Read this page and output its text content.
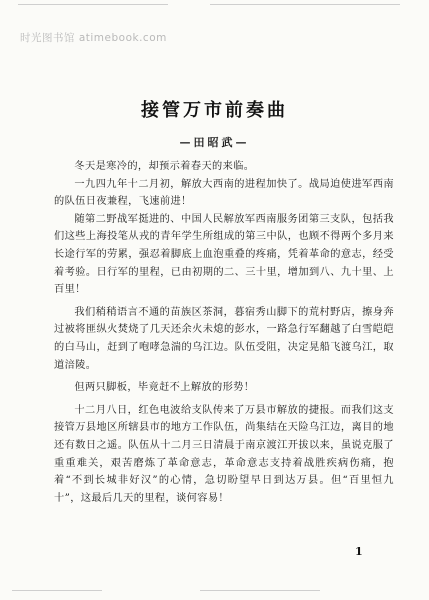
时光图书馆 atimebook.com
接管万市前奏曲
—田昭武—

冬天是寒冷的，却预示着春天的来临。

一九四九年十二月初，解放大西南的进程加快了。战局迫使进军西南的队伍日夜兼程，飞速前进！

随第二野战军挺进的、中国人民解放军西南服务团第三支队，包括我们这些上海投笔从戎的青年学生所组成的第三中队，也顾不得两个多月来长途行军的劳累，强忍着脚底上血泡重叠的疼痛，凭着革命的意志，经受着考验。日行军的里程，已由初期的二、三十里，增加到八、九十里、上百里！

我们稍稍语言不通的苗族区茶洞，暮宿秀山脚下的荒村野店，擦身奔过被将匪纵火焚烧了几天还余火未熄的彭水，一路急行军翻越了白雪皑皑的白马山，赶到了咆哮急湍的乌江边。队伍受阻，决定晃船飞渡乌江，取道涪陵。

但两只脚板，毕竟赶不上解放的形势！

十二月八日，红色电波给支队传来了万县市解放的捷报。而我们这支接管万县地区所辖县市的地方工作队伍，尚集结在天险乌江边，离目的地还有数日之遥。队伍从十二月三日清晨于南京渡江开拔以来，虽说克服了重重难关，艰苦磨炼了革命意志，革命意志支持着战胜疾病伤痛，抱着“不到长城非好汉”的心情，急切盼望早日到达万县。但“百里恒九十”，这最后几天的里程，谈何容易！

1
